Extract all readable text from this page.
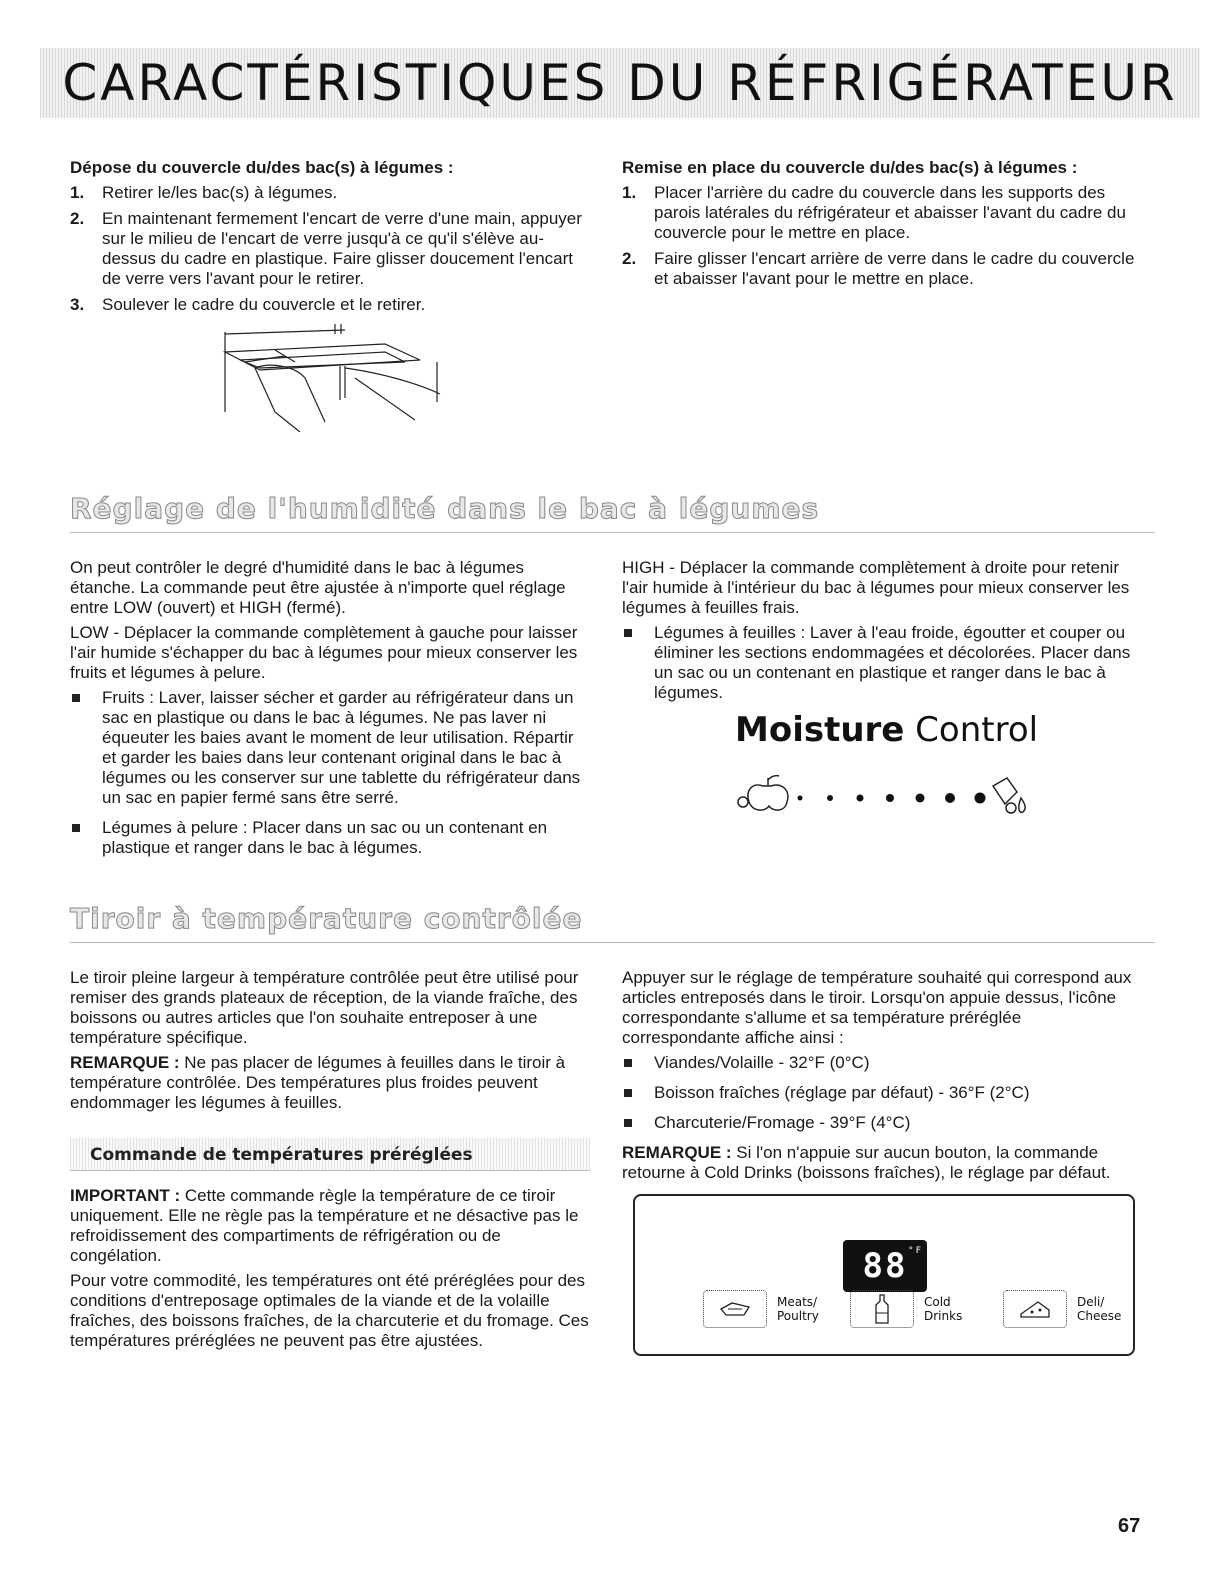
CARACTÉRISTIQUES DU RÉFRIGÉRATEUR

Dépose du couvercle du/des bac(s) à légumes :

1. Retirer le/les bac(s) à légumes.
2. En maintenant fermement l'encart de verre d'une main, appuyer sur le milieu de l'encart de verre jusqu'à ce qu'il s'élève au-dessus du cadre en plastique. Faire glisser doucement l'encart de verre vers l'avant pour le retirer.
3. Soulever le cadre du couvercle et le retirer.

Remise en place du couvercle du/des bac(s) à légumes :

1. Placer l'arrière du cadre du couvercle dans les supports des parois latérales du réfrigérateur et abaisser l'avant du cadre du couvercle pour le mettre en place.
2. Faire glisser l'encart arrière de verre dans le cadre du couvercle et abaisser l'avant pour le mettre en place.
Réglage de l'humidité dans le bac à légumes

On peut contrôler le degré d'humidité dans le bac à légumes étanche. La commande peut être ajustée à n'importe quel réglage entre LOW (ouvert) et HIGH (fermé).

LOW - Déplacer la commande complètement à gauche pour laisser l'air humide s'échapper du bac à légumes pour mieux conserver les fruits et légumes à pelure.

Fruits : Laver, laisser sécher et garder au réfrigérateur dans un sac en plastique ou dans le bac à légumes. Ne pas laver ni équeuter les baies avant le moment de leur utilisation. Répartir et garder les baies dans leur contenant original dans le bac à légumes ou les conserver sur une tablette du réfrigérateur dans un sac en papier fermé sans être serré.
Légumes à pelure : Placer dans un sac ou un contenant en plastique et ranger dans le bac à légumes.

HIGH - Déplacer la commande complètement à droite pour retenir l'air humide à l'intérieur du bac à légumes pour mieux conserver les légumes à feuilles frais.

Légumes à feuilles : Laver à l'eau froide, égoutter et couper ou éliminer les sections endommagées et décolorées. Placer dans un sac ou un contenant en plastique et ranger dans le bac à légumes.
Moisture Control
Tiroir à température contrôlée

Le tiroir pleine largeur à température contrôlée peut être utilisé pour remiser des grands plateaux de réception, de la viande fraîche, des boissons ou autres articles que l'on souhaite entreposer à une température spécifique.

REMARQUE : Ne pas placer de légumes à feuilles dans le tiroir à température contrôlée. Des températures plus froides peuvent endommager les légumes à feuilles.

Commande de températures préréglées

IMPORTANT : Cette commande règle la température de ce tiroir uniquement. Elle ne règle pas la température et ne désactive pas le refroidissement des compartiments de réfrigération ou de congélation.

Pour votre commodité, les températures ont été préréglées pour des conditions d'entreposage optimales de la viande et de la volaille fraîches, des boissons fraîches, de la charcuterie et du fromage. Ces températures préréglées ne peuvent pas être ajustées.

Appuyer sur le réglage de température souhaité qui correspond aux articles entreposés dans le tiroir. Lorsqu'on appuie dessus, l'icône correspondante s'allume et sa température préréglée correspondante affiche ainsi :

Viandes/Volaille - 32°F (0°C)
Boisson fraîches (réglage par défaut) - 36°F (2°C)
Charcuterie/Fromage - 39°F (4°C)

REMARQUE : Si l'on n'appuie sur aucun bouton, la commande retourne à Cold Drinks (boissons fraîches), le réglage par défaut.

$88^{^\circ F}$
Meats/
Poultry
Cold
Drinks
Deli/
Cheese
67
